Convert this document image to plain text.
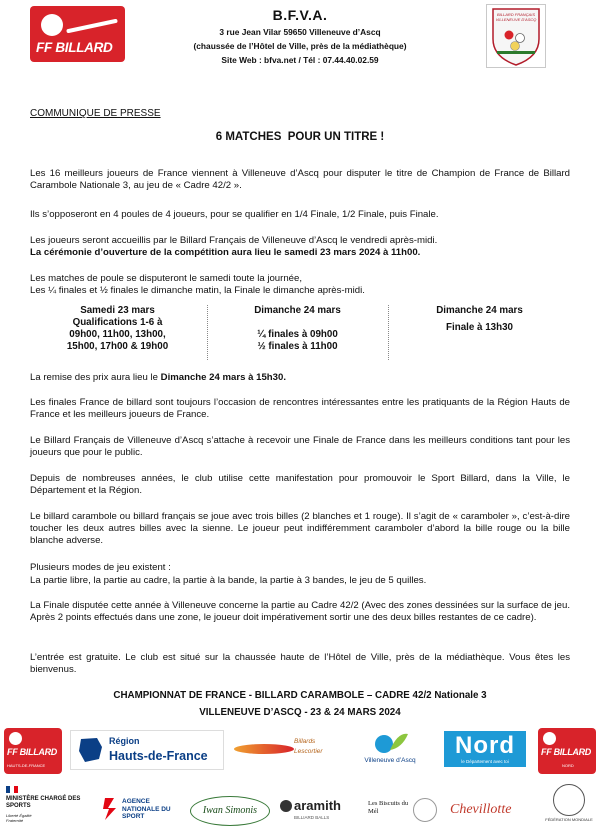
FF BILLARD
B.F.V.A.
3 rue Jean Vilar 59650 Villeneuve d’Ascq
(chaussée de l’Hôtel de Ville, près de la médiathèque)
Site Web : bfva.net / Tél : 07.44.40.02.59
BILLARD FRANÇAIS VILLENEUVE D'ASCQ
COMMUNIQUE DE PRESSE
6 MATCHES  POUR UN TITRE !

Les 16 meilleurs joueurs de France viennent à Villeneuve d’Ascq pour disputer le titre de Champion de France de Billard Carambole Nationale 3, au jeu de « Cadre 42/2 ».

Ils s’opposeront en 4 poules de 4 joueurs, pour se qualifier en 1/4 Finale, 1/2 Finale, puis Finale.

Les joueurs seront accueillis par le Billard Français de Villeneuve d’Ascq le vendredi après-midi.

La cérémonie d’ouverture de la compétition aura lieu le samedi 23 mars 2024 à 11h00.

Les matches de poule se disputeront le samedi toute la journée,

Les ¼ finales et ½ finales le dimanche matin, la Finale le dimanche après-midi.

Samedi 23 mars
Qualifications 1-6 à
09h00, 11h00, 13h00,
15h00, 17h00 & 19h00
Dimanche 24 mars
¼ finales à 09h00
½ finales à 11h00
Dimanche 24 mars
Finale à 13h30

La remise des prix aura lieu le Dimanche 24 mars à 15h30.

Les finales France de billard sont toujours l’occasion de rencontres intéressantes entre les pratiquants de la Région Hauts de France et les meilleurs joueurs de France.

Le Billard Français de Villeneuve d’Ascq s’attache à recevoir une Finale de France dans les meilleurs conditions tant pour les joueurs que pour le public.

Depuis de nombreuses années, le club utilise cette manifestation pour promouvoir le Sport Billard, dans la Ville, le Département et la Région.

Le billard carambole ou billard français se joue avec trois billes (2 blanches et 1 rouge). Il s’agit de « caramboler », c’est-à-dire toucher les deux autres billes avec la sienne. Le joueur peut indifféremment caramboler d’abord la bille rouge ou la bille blanche adverse.

Plusieurs modes de jeu existent :

La partie libre, la partie au cadre, la partie à la bande, la partie à 3 bandes, le jeu de 5 quilles.

La Finale disputée cette année à Villeneuve concerne la partie au Cadre 42/2 (Avec des zones dessinées sur la surface de jeu. Après 2 points effectués dans une zone, le joueur doit impérativement sortir une des deux billes restantes de ce cadre).

L’entrée est gratuite. Le club est situé sur la chaussée haute de l’Hôtel de Ville, près de la médiathèque. Vous êtes les bienvenus.

CHAMPIONNAT DE FRANCE - BILLARD CARAMBOLE – CADRE 42/2 Nationale 3
VILLENEUVE D’ASCQ - 23 & 24 MARS 2024
FF BILLARD
HAUTS-DE-FRANCE
Région
Hauts-de-France
Billards
Lescortier
Villeneuve d’Ascq
Nord
le Département avec toi
FF BILLARD
NORD
MINISTÈRE CHARGÉ DES SPORTS
Liberté Égalité Fraternité
AGENCE NATIONALE DU SPORT
Iwan Simonis	aramith
BILLIARD BALLS
Les Biscuits du Mél	Chevillotte
FÉDÉRATION MONDIALE
